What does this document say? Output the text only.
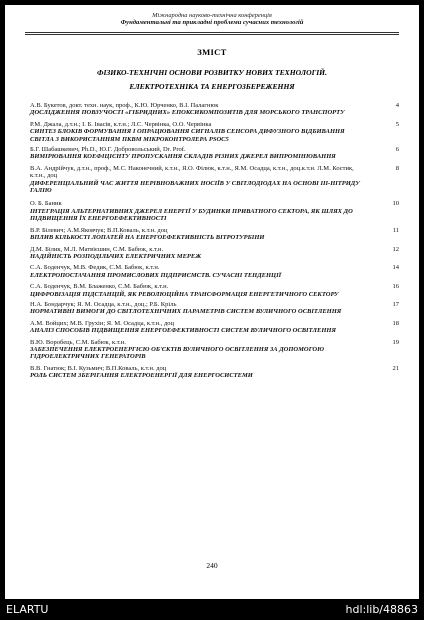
Міжнародна науково-технічна конференція
Фундаментальні та прикладні проблеми сучасних технологій
ЗМІСТ
ФІЗИКО-ТЕХНІЧНІ ОСНОВИ РОЗВИТКУ НОВИХ ТЕХНОЛОГІЙ.
ЕЛЕКТРОТЕХНІКА ТА ЕНЕРГОЗБЕРЕЖЕННЯ
А.В. Букетов, докт. техн. наук, проф., К.Ю. Юрченко, В.І. Палагнюк
ДОСЛІДЖЕННЯ ПОВЗУЧОСТІ «ГІБРИДНИХ» ЕПОКСИКОМПОЗИТІВ ДЛЯ МОРСЬКОГО ТРАНСПОРТУ
4
Р.М. Джала, д.т.н.; І. Б. Івасів, к.т.н.; Л.С. Червінка, О.О. Червінка
СИНТЕЗ БЛОКІВ ФОРМУВАННЯ І ОПРАЦЮВАННЯ СИГНАЛІВ СЕНСОРА ДИФУЗНОГО ВІДБИВАННЯ СВІТЛА З ВИКОРИСТАННЯМ ПКВМ МІКРОКОНТРОЛЕРА PSOC5
5
Б.Г. Шабашкевич, Ph.D., Ю.Г. Добровольський, Dr. Prof.
ВИМІРЮВАННЯ КОЕФІЦІЄНТУ ПРОПУСКАННЯ СКЛАДІВ РІЗНИХ ДЖЕРЕЛ ВИПРОМІНЮВАННЯ
6
В.А. Андрійчук, д.т.н., проф., М.С. Наконечний, к.т.н., Я.О. Філюк, к.т.н., Я.М. Осадца, к.т.н., доц.к.т.н. Л.М. Костик, к.т.н., доц
ДИФЕРЕНЦІАЛЬНИЙ ЧАС ЖИТТЯ НЕРІВНОВАЖНИХ НОСІЇВ У СВІТЛОДІОДАХ НА ОСНОВІ III-НІТРИДУ ГАЛІЮ
8
О. Б. Баник
ІНТЕГРАЦІЯ АЛЬТЕРНАТИВНИХ ДЖЕРЕЛ ЕНЕРГІЇ У БУДИНКИ ПРИВАТНОГО СЕКТОРА, ЯК ШЛЯХ ДО ПІДВИЩЕННЯ ЇХ ЕНЕРГОЕФЕКТИВНОСТІ
10
В.Р. Білевич; А.М.Яковчук; В.П.Коваль, к.т.н. доц
ВПЛИВ КІЛЬКОСТІ ЛОПАТЕЙ НА ЕНЕРГОЕФЕКТИВНІСТЬ ВІТРОТУРБІНИ
11
Д.М. Білик, М.Л. Матвієшин, С.М. Бабюк, к.т.н.
НАДІЙНІСТЬ РОЗПОДІЛЬЧИХ ЕЛЕКТРИЧНИХ МЕРЕЖ
12
С.А. Боденчук, М.В. Федик, С.М. Бабюк, к.т.н.
ЕЛЕКТРОПОСТАЧАННЯ ПРОМИСЛОВИХ ПІДПРИЄМСТВ. СУЧАСНІ ТЕНДЕНЦІЇ
14
С.А. Боденчук, В.М. Блаженко, С.М. Бабюк, к.т.н.
ЦИФРОВІЗАЦІЯ ПІДСТАНЦІЙ, ЯК РЕВОЛЮЦІЙНА ТРАНСФОРМАЦІЯ ЕНЕРГЕТИЧНОГО СЕКТОРУ
16
Н.А. Бондарчук; Я. М. Осадца, к.т.н., доц.; Р.Б. Кріль
НОРМАТИВНІ ВИМОГИ ДО СВІТЛОТЕХНІЧНИХ ПАРАМЕТРІВ СИСТЕМ ВУЛИЧНОГО ОСВІТЛЕННЯ
17
А.М. Войцих; М.В. Грухін; Я. М. Осадца, к.т.н., доц
АНАЛІЗ СПОСОБІВ ПІДВИЩЕННЯ ЕНЕРГОЕФЕКТИВНОСТІ СИСТЕМ ВУЛИЧНОГО ОСВІТЛЕННЯ
18
В.Ю. Воробець, С.М. Бабюк, к.т.н.
ЗАБЕЗПЕЧЕННЯ ЕЛЕКТРОЕНЕРГІЄЮ ОБ'ЄКТІВ ВУЛИЧНОГО ОСВІТЛЕННЯ ЗА ДОПОМОГОЮ ГІДРОЕЛЕКТРИЧНИХ ГЕНЕРАТОРІВ
19
В.В. Гнатюк; В.І. Кузьмич; В.П.Коваль, к.т.н. доц
РОЛЬ СИСТЕМ ЗБЕРІГАННЯ ЕЛЕКТРОЕНЕРГІЇ ДЛЯ ЕНЕРГОСИСТЕМИ
21
240
ELARTU	hdl:lib/48863
